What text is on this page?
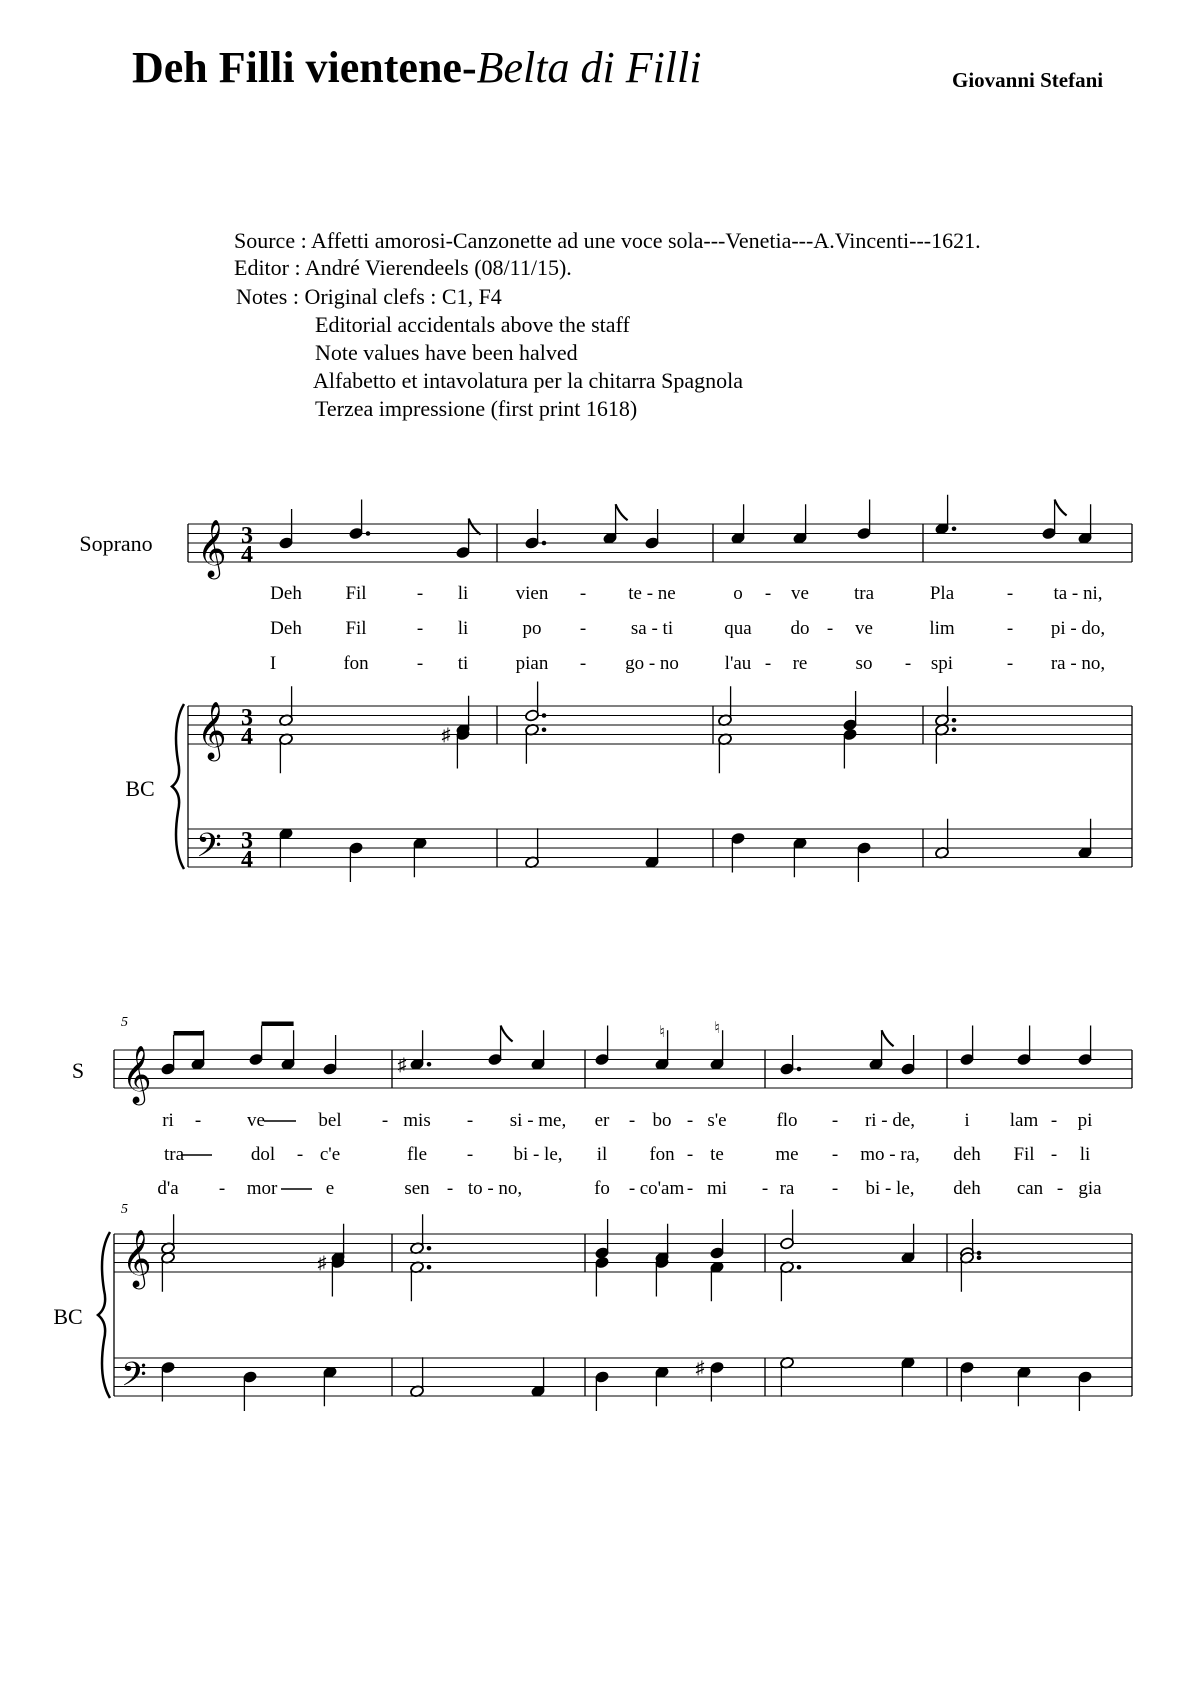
Deh Filli vientene-Belta di Filli	Giovanni Stefani
Source : Affetti amorosi-Canzonette ad une voce sola---Venetia---A.Vincenti---1621.
Editor : André Vierendeels (08/11/15).
Notes : Original clefs : C1, F4
Editorial accidentals above the staff
Note values have been halved
Alfabetto et intavolatura per la chitarra Spagnola
Terzea impressione (first print 1618)
Soprano
BC
𝄞
𝄞
𝄢
3
4
3
4
3
4
♯
Deh Fil	- li vien - te - ne	o - ve tra	Pla	- ta - ni,
Deh Fil	- li	po - sa - ti	qua do - ve	lim	- pi - do,
I	fon	- ti pian - go - no l'au - re	so - spi	- ra - no,
5
5
S
BC
𝄞
𝄞
𝄢
♯
♮	♮
♯
♯
ri - ve	bel - mis - si - me, er - bo - s'e	flo - ri - de,	i lam - pi
tra	dol - c'e	fle - bi - le, il fon - te	me - mo - ra, deh Fil - li
d'a - mor	e	sen - to - no,	fo - co'am - mi - ra - bi - le, deh can - gia
